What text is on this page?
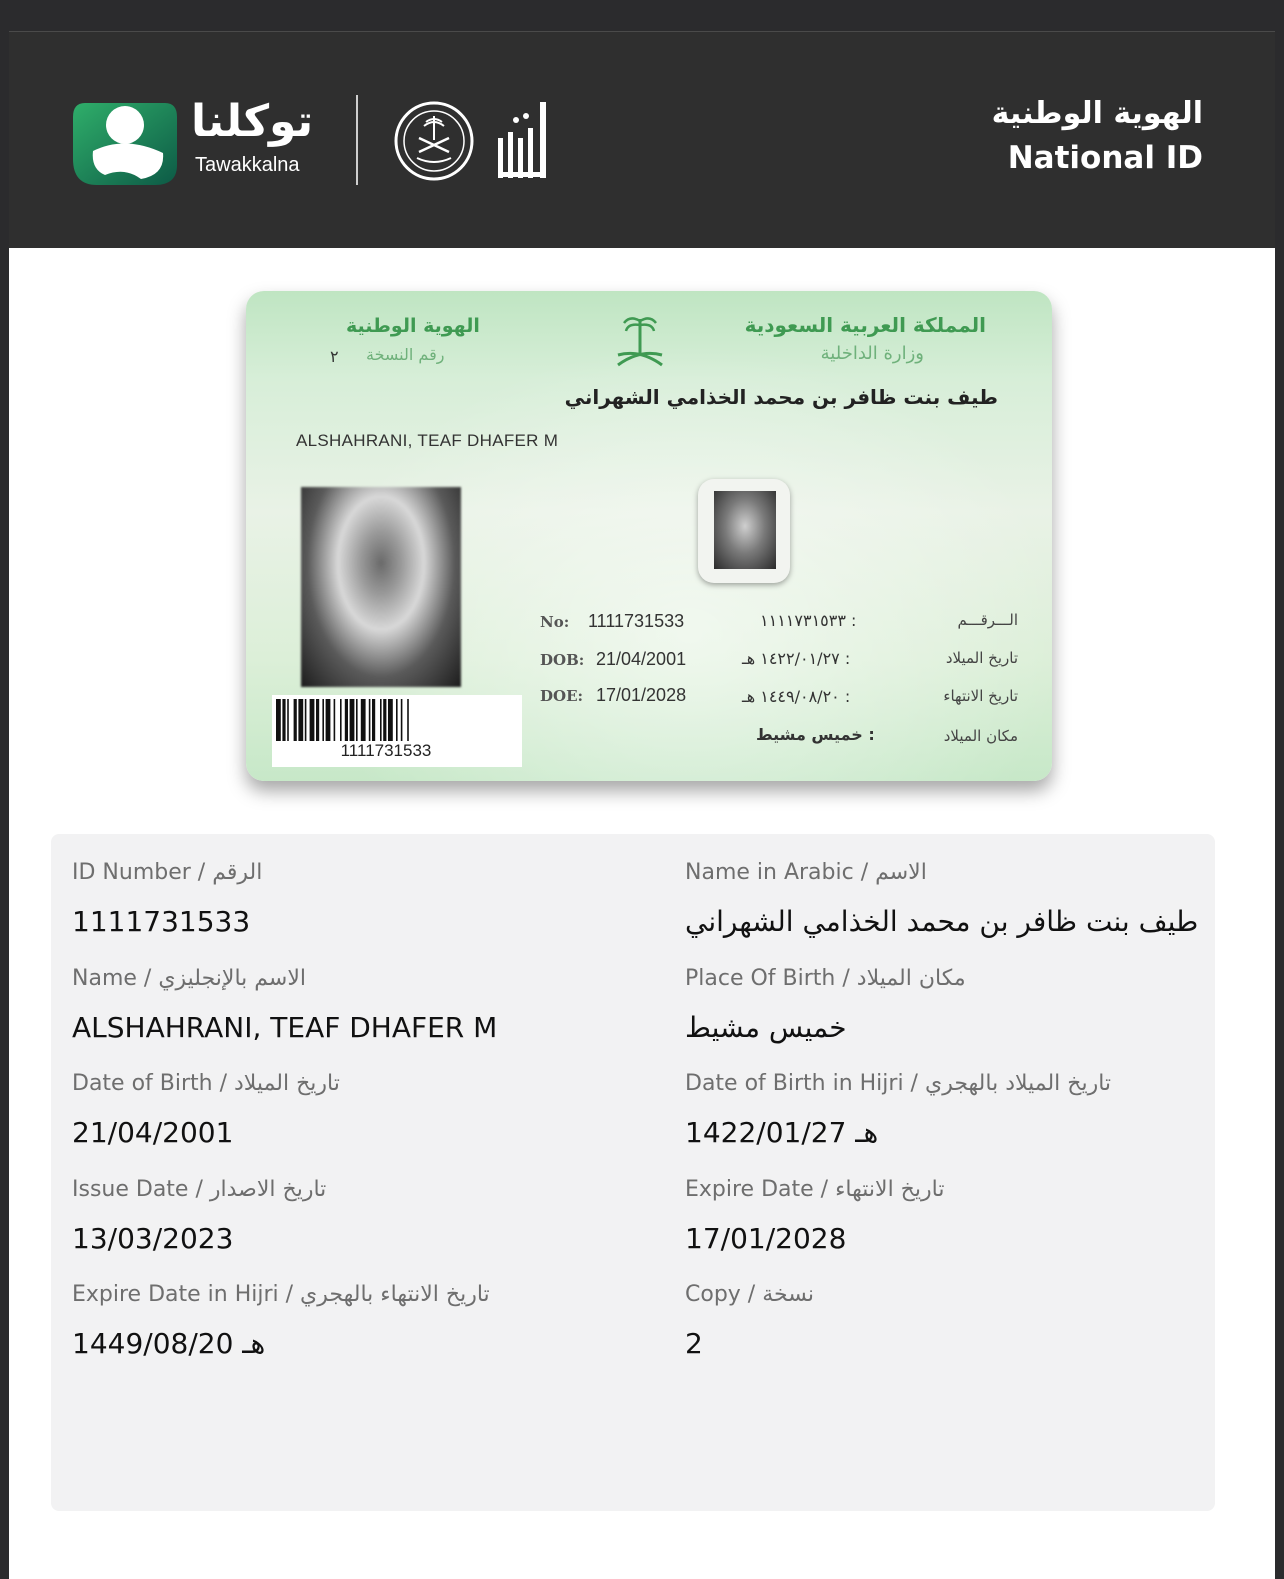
توكلنا
Tawakkalna
الهوية الوطنية
National ID
المملكة العربية السعودية
وزارة الداخلية
الهوية الوطنية
رقم النسخة
٢
طيف بنت ظافر بن محمد الخذامي الشهراني
ALSHAHRANI, TEAF DHAFER M
No: 1111731533
DOB: 21/04/2001
DOE: 17/01/2028
الـــرقـــم
١١١١٧٣١٥٣٣ :
تاريخ الميلاد
١٤٢٢/٠١/٢٧ هـ :
تاريخ الانتهاء
١٤٤٩/٠٨/٢٠ هـ :
مكان الميلاد
خميس مشيط :
1111731533
ID Number / الرقم
1111731533
Name in Arabic / الاسم
طيف بنت ظافر بن محمد الخذامي الشهراني
Name / الاسم بالإنجليزي
ALSHAHRANI, TEAF DHAFER M
Place Of Birth / مكان الميلاد
خميس مشيط
Date of Birth / تاريخ الميلاد
21/04/2001
Date of Birth in Hijri / تاريخ الميلاد بالهجري
1422/01/27 هـ
Issue Date / تاريخ الاصدار
13/03/2023
Expire Date / تاريخ الانتهاء
17/01/2028
Expire Date in Hijri / تاريخ الانتهاء بالهجري
1449/08/20 هـ
Copy / نسخة
2
